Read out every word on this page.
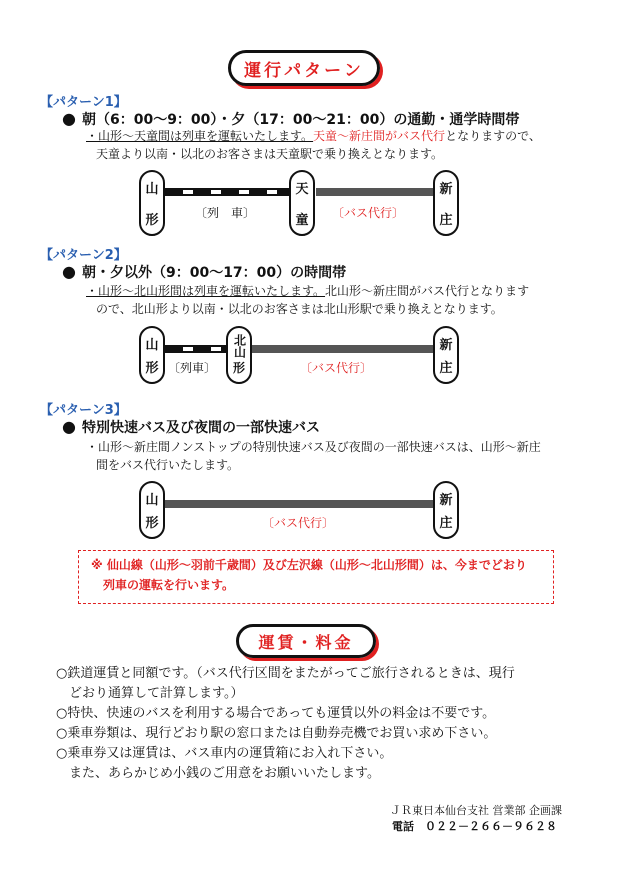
運行パターン
【パターン1】
● 朝（6：00～9：00）・夕（17：00～21：00）の通勤・通学時間帯
・山形～天童間は列車を運転いたします。天童～新庄間がバス代行となりますので、
天童より以南・以北のお客さまは天童駅で乗り換えとなります。
山
形
天
童
新
庄
〔列　車〕	〔バス代行〕
【パターン2】
● 朝・夕以外（9：00～17：00）の時間帯
・山形～北山形間は列車を運転いたします。北山形～新庄間がバス代行となります
ので、北山形より以南・以北のお客さまは北山形駅で乗り換えとなります。
山
形
北山
形
新
庄
〔列車〕	〔バス代行〕
【パターン3】
● 特別快速バス及び夜間の一部快速バス
・山形～新庄間ノンストップの特別快速バス及び夜間の一部快速バスは、山形～新庄
間をバス代行いたします。
山
形
新
庄
〔バス代行〕
※ 仙山線（山形～羽前千歳間）及び左沢線（山形～北山形間）は、今までどおり
列車の運転を行います。
運賃・料金
○鉄道運賃と同額です。（バス代行区間をまたがってご旅行されるときは、現行
　どおり通算して計算します。）
○特快、快速のバスを利用する場合であっても運賃以外の料金は不要です。
○乗車券類は、現行どおり駅の窓口または自動券売機でお買い求め下さい。
○乗車券又は運賃は、バス車内の運賃箱にお入れ下さい。
　また、あらかじめ小銭のご用意をお願いいたします。
ＪＲ東日本仙台支社 営業部 企画課
電話　０２２－２６６－９６２８
